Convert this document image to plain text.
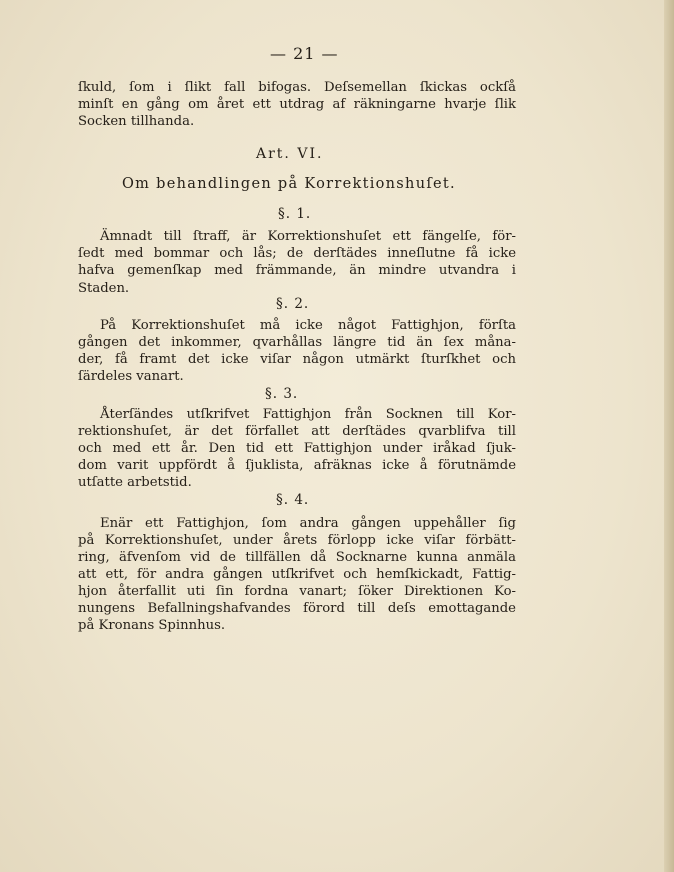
— 21 —
ſkuld, ſom i ſlikt fall bifogas. Deſsemellan ſkickas ockſå
minſt en gång om året ett utdrag af räkningarne hvarje ſlik
Socken tillhanda.
Art. VI.
Om behandlingen på Korrektionshuſet.
§. 1.
Ämnadt till ſtraff, är Korrektionshuſet ett fängelſe, för-
ſedt med bommar och lås; de derſtädes inneſlutne få icke
hafva gemenſkap med främmande, än mindre utvandra i
Staden.
§. 2.
På Korrektionshuſet må icke något Fattighjon, förſta
gången det inkommer, qvarhållas längre tid än ſex måna-
der, få framt det icke viſar någon utmärkt ſturſkhet och
ſärdeles vanart.
§. 3.
Återſändes utſkrifvet Fattighjon från Socknen till Kor-
rektionshuſet, är det förfallet att derſtädes qvarblifva till
och med ett år. Den tid ett Fattighjon under iråkad ſjuk-
dom varit uppfördt å ſjuklista, afräknas icke å förutnämde
utſatte arbetstid.
§. 4.
Enär ett Fattighjon, ſom andra gången uppehåller ſig
på Korrektionshuſet, under årets förlopp icke viſar förbätt-
ring, äfvenſom vid de tillfällen då Socknarne kunna anmäla
att ett, för andra gången utſkrifvet och hemſkickadt, Fattig-
hjon återfallit uti ſin fordna vanart; ſöker Direktionen Ko-
nungens Befallningshafvandes förord till deſs emottagande
på Kronans Spinnhus.
